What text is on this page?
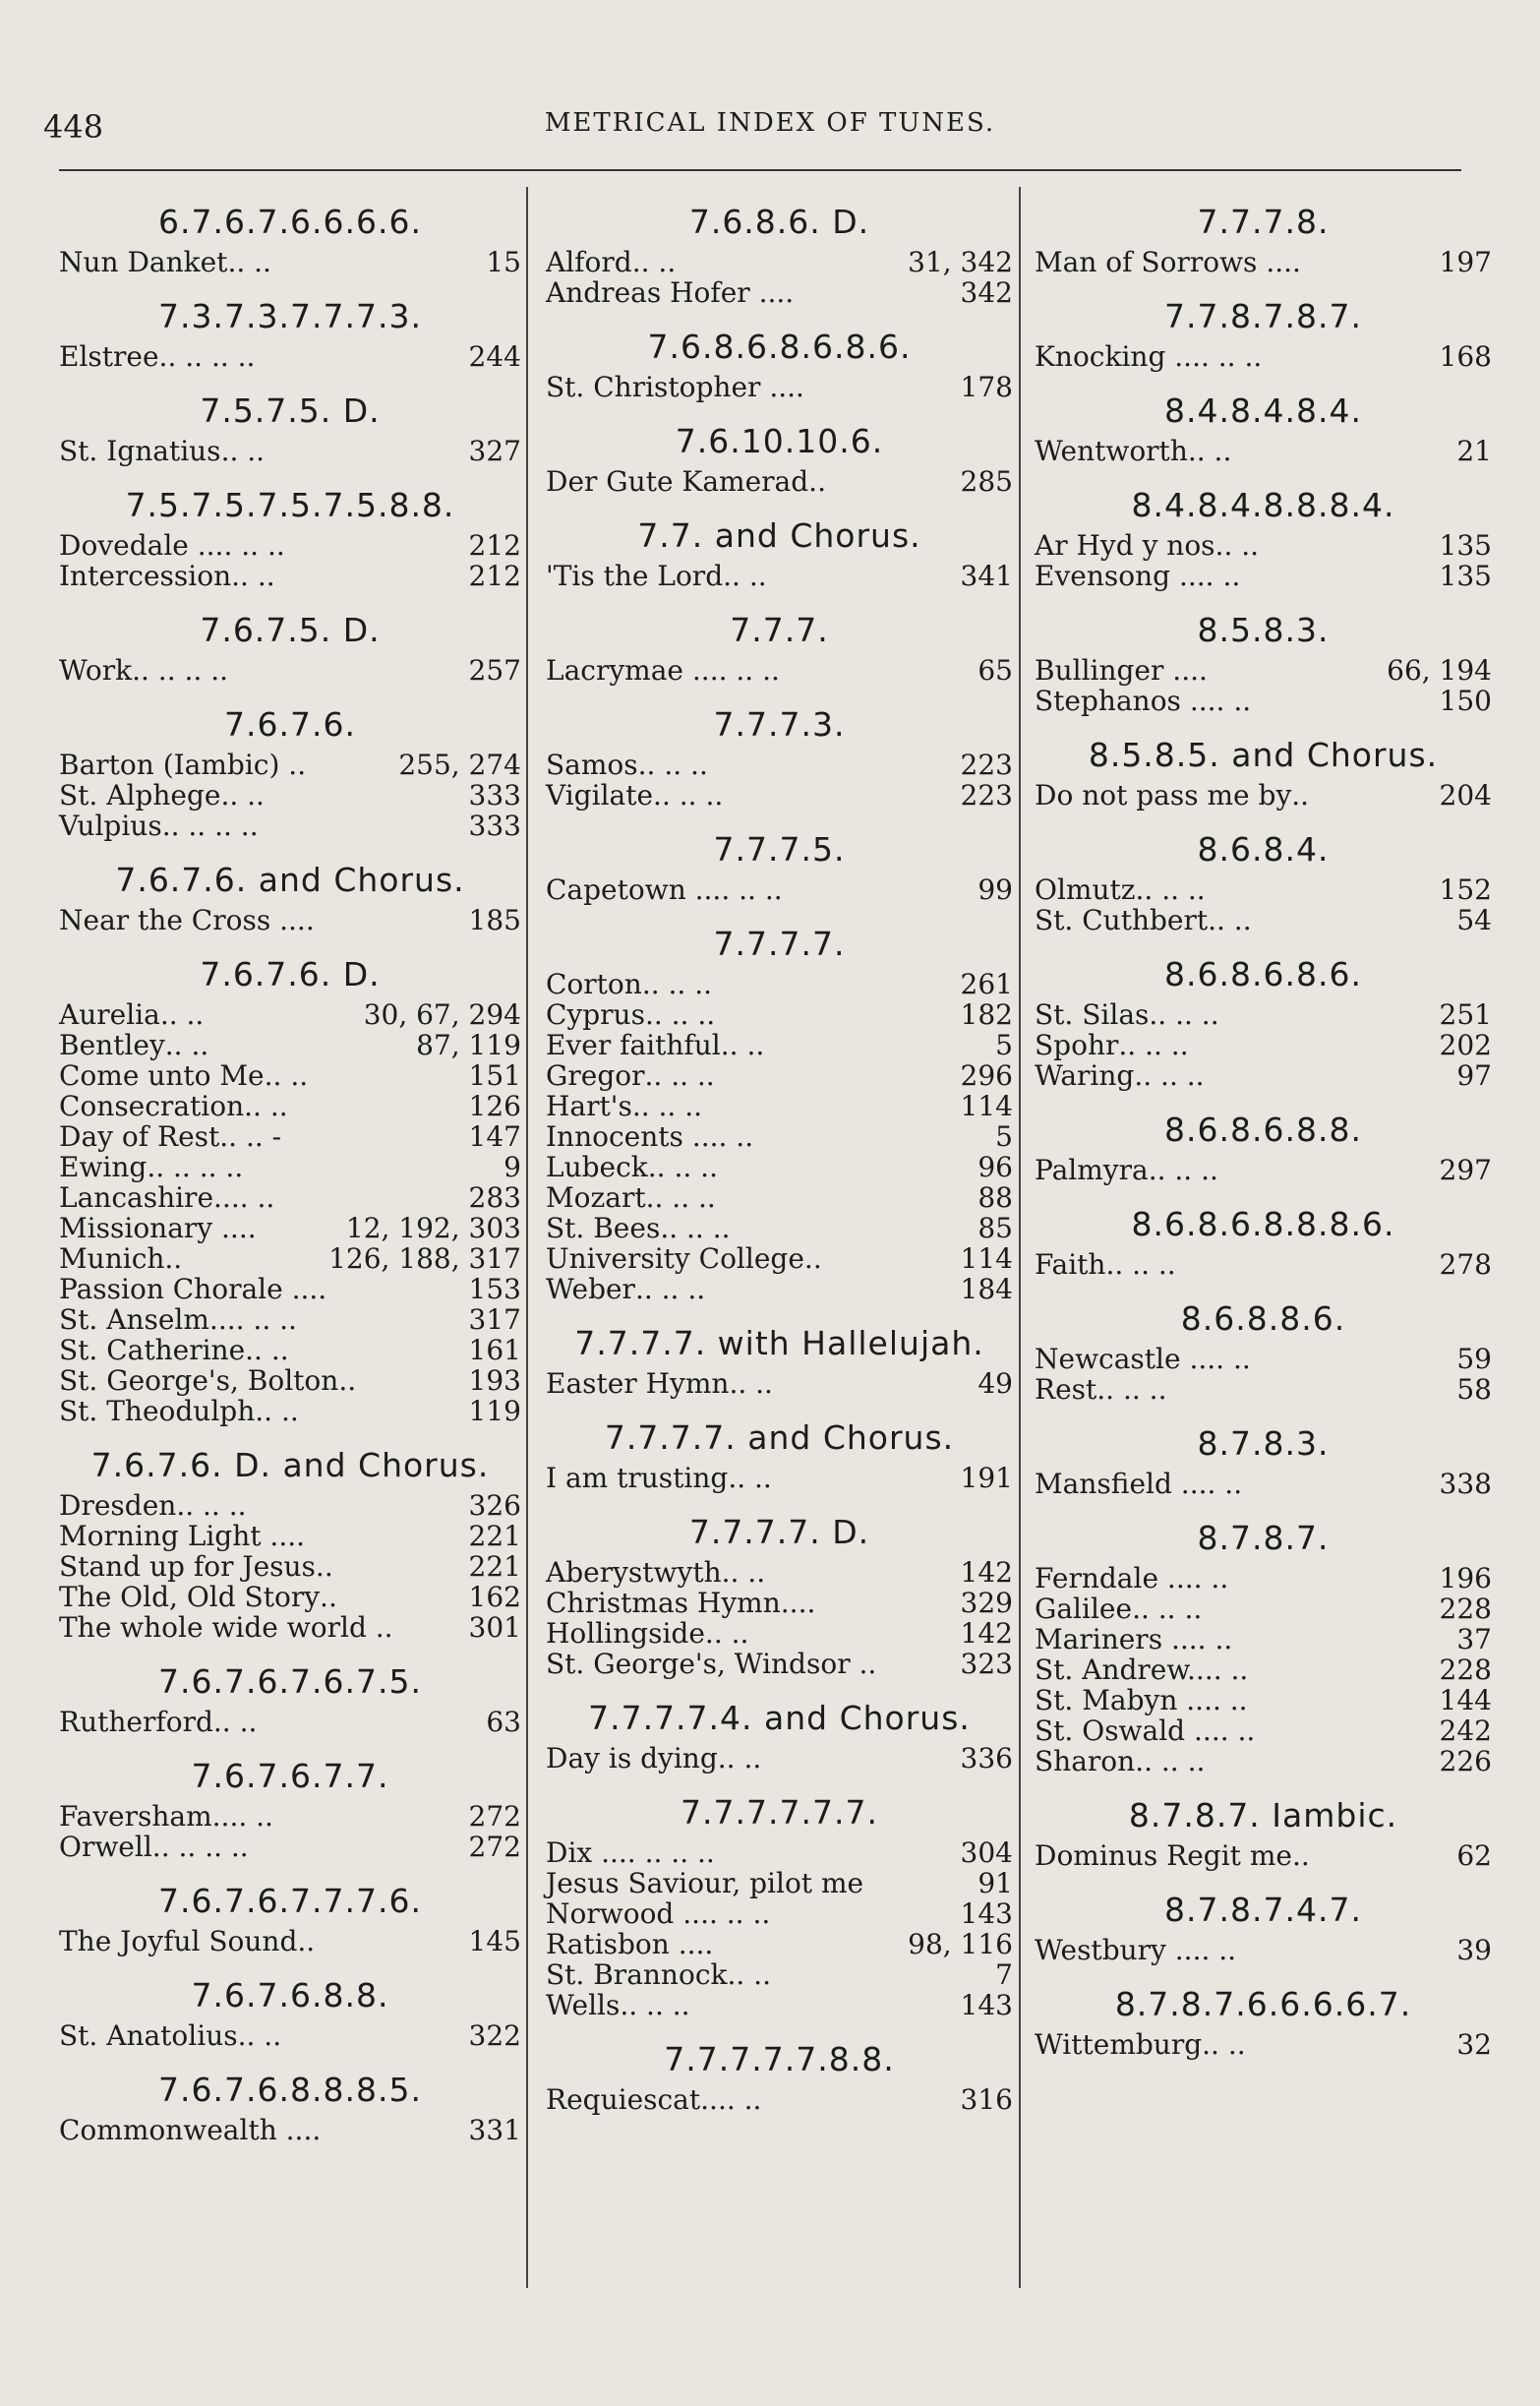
448	METRICAL INDEX OF TUNES.
6.7.6.7.6.6.6.6.
Nun Danket .. ..	15
7.3.7.3.7.7.7.3.
Elstree .. .. .. ..	244
7.5.7.5. D.
St. Ignatius .. ..	327
7.5.7.5.7.5.7.5.8.8.
Dovedale .. .. .. ..	212
Intercession .. ..	212
7.6.7.5. D.
Work .. .. .. ..	257
7.6.7.6.
Barton (Iambic) ..	255, 274
St. Alphege .. ..	333
Vulpius .. .. .. ..	333
7.6.7.6. and Chorus.
Near the Cross .. ..	185
7.6.7.6. D.
Aurelia .. ..	30, 67, 294
Bentley .. ..	87, 119
Come unto Me .. ..	151
Consecration .. ..	126
Day of Rest .. .. -	147
Ewing .. .. .. ..	9
Lancashire.. .. ..	283
Missionary .. ..	12, 192, 303
Munich ..	126, 188, 317
Passion Chorale .. ..	153
St. Anselm.. .. .. ..	317
St. Catherine .. ..	161
St. George's, Bolton ..	193
St. Theodulph .. ..	119
7.6.7.6. D. and Chorus.
Dresden .. .. ..	326
Morning Light .. ..	221
Stand up for Jesus ..	221
The Old, Old Story ..	162
The whole wide world ..	301
7.6.7.6.7.6.7.5.
Rutherford .. ..	63
7.6.7.6.7.7.
Faversham.. .. ..	272
Orwell .. .. .. ..	272
7.6.7.6.7.7.7.6.
The Joyful Sound ..	145
7.6.7.6.8.8.
St. Anatolius .. ..	322
7.6.7.6.8.8.8.5.
Commonwealth .. ..	331
7.6.8.6. D.
Alford .. ..	31, 342
Andreas Hofer .. ..	342
7.6.8.6.8.6.8.6.
St. Christopher .. ..	178
7.6.10.10.6.
Der Gute Kamerad ..	285
7.7. and Chorus.
'Tis the Lord .. ..	341
7.7.7.
Lacrymae .. .. .. ..	65
7.7.7.3.
Samos .. .. ..	223
Vigilate .. .. ..	223
7.7.7.5.
Capetown .. .. .. ..	99
7.7.7.7.
Corton .. .. ..	261
Cyprus .. .. ..	182
Ever faithful .. ..	5
Gregor .. .. ..	296
Hart's .. .. ..	114
Innocents .. .. ..	5
Lubeck .. .. ..	96
Mozart .. .. ..	88
St. Bees .. .. ..	85
University College ..	114
Weber .. .. ..	184
7.7.7.7. with Hallelujah.
Easter Hymn .. ..	49
7.7.7.7. and Chorus.
I am trusting .. ..	191
7.7.7.7. D.
Aberystwyth .. ..	142
Christmas Hymn.. ..	329
Hollingside .. ..	142
St. George's, Windsor ..	323
7.7.7.7.4. and Chorus.
Day is dying .. ..	336
7.7.7.7.7.7.
Dix .. .. .. .. ..	304
Jesus Saviour, pilot me	91
Norwood .. .. .. ..	143
Ratisbon .. ..	98, 116
St. Brannock .. ..	7
Wells .. .. ..	143
7.7.7.7.7.8.8.
Requiescat.. .. ..	316
7.7.7.8.
Man of Sorrows .. ..	197
7.7.8.7.8.7.
Knocking .. .. .. ..	168
8.4.8.4.8.4.
Wentworth .. ..	21
8.4.8.4.8.8.8.4.
Ar Hyd y nos .. ..	135
Evensong .. .. ..	135
8.5.8.3.
Bullinger .. ..	66, 194
Stephanos .. .. ..	150
8.5.8.5. and Chorus.
Do not pass me by ..	204
8.6.8.4.
Olmutz .. .. ..	152
St. Cuthbert .. ..	54
8.6.8.6.8.6.
St. Silas .. .. ..	251
Spohr .. .. ..	202
Waring .. .. ..	97
8.6.8.6.8.8.
Palmyra .. .. ..	297
8.6.8.6.8.8.8.6.
Faith .. .. ..	278
8.6.8.8.6.
Newcastle .. .. ..	59
Rest .. .. ..	58
8.7.8.3.
Mansfield .. .. ..	338
8.7.8.7.
Ferndale .. .. ..	196
Galilee .. .. ..	228
Mariners .. .. ..	37
St. Andrew.. .. ..	228
St. Mabyn .. .. ..	144
St. Oswald .. .. ..	242
Sharon .. .. ..	226
8.7.8.7. Iambic.
Dominus Regit me ..	62
8.7.8.7.4.7.
Westbury .. .. ..	39
8.7.8.7.6.6.6.6.7.
Wittemburg .. ..	32
